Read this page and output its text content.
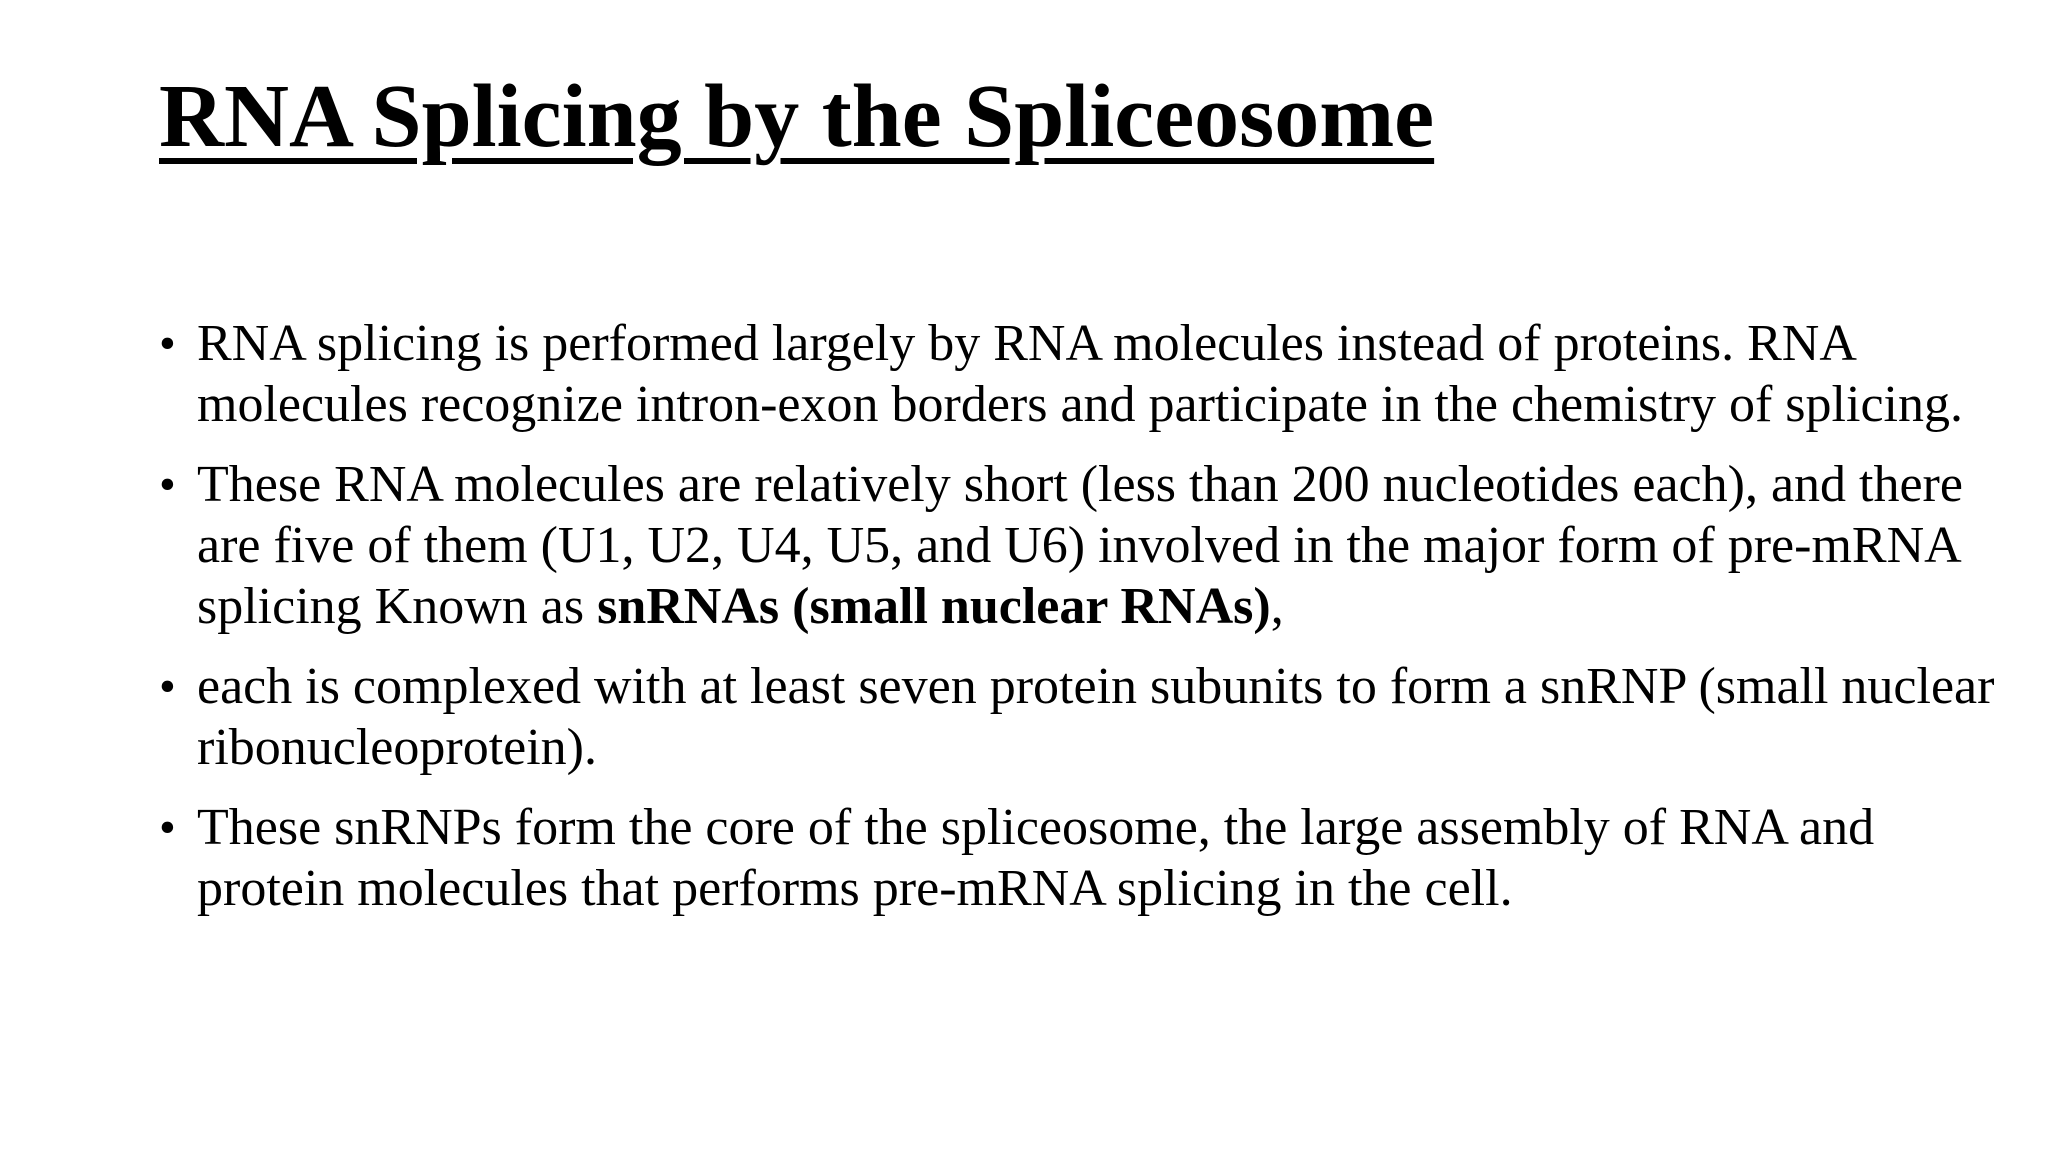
RNA Splicing by the Spliceosome
• RNA splicing is performed largely by RNA molecules instead of proteins. RNA molecules recognize intron-exon borders and participate in the chemistry of splicing.
• These RNA molecules are relatively short (less than 200 nucleotides each), and there are five of them (U1, U2, U4, U5, and U6) involved in the major form of pre-mRNA splicing Known as snRNAs (small nuclear RNAs),
• each is complexed with at least seven protein subunits to form a snRNP (small nuclear ribonucleoprotein).
• These snRNPs form the core of the spliceosome, the large assembly of RNA and protein molecules that performs pre-mRNA splicing in the cell.
